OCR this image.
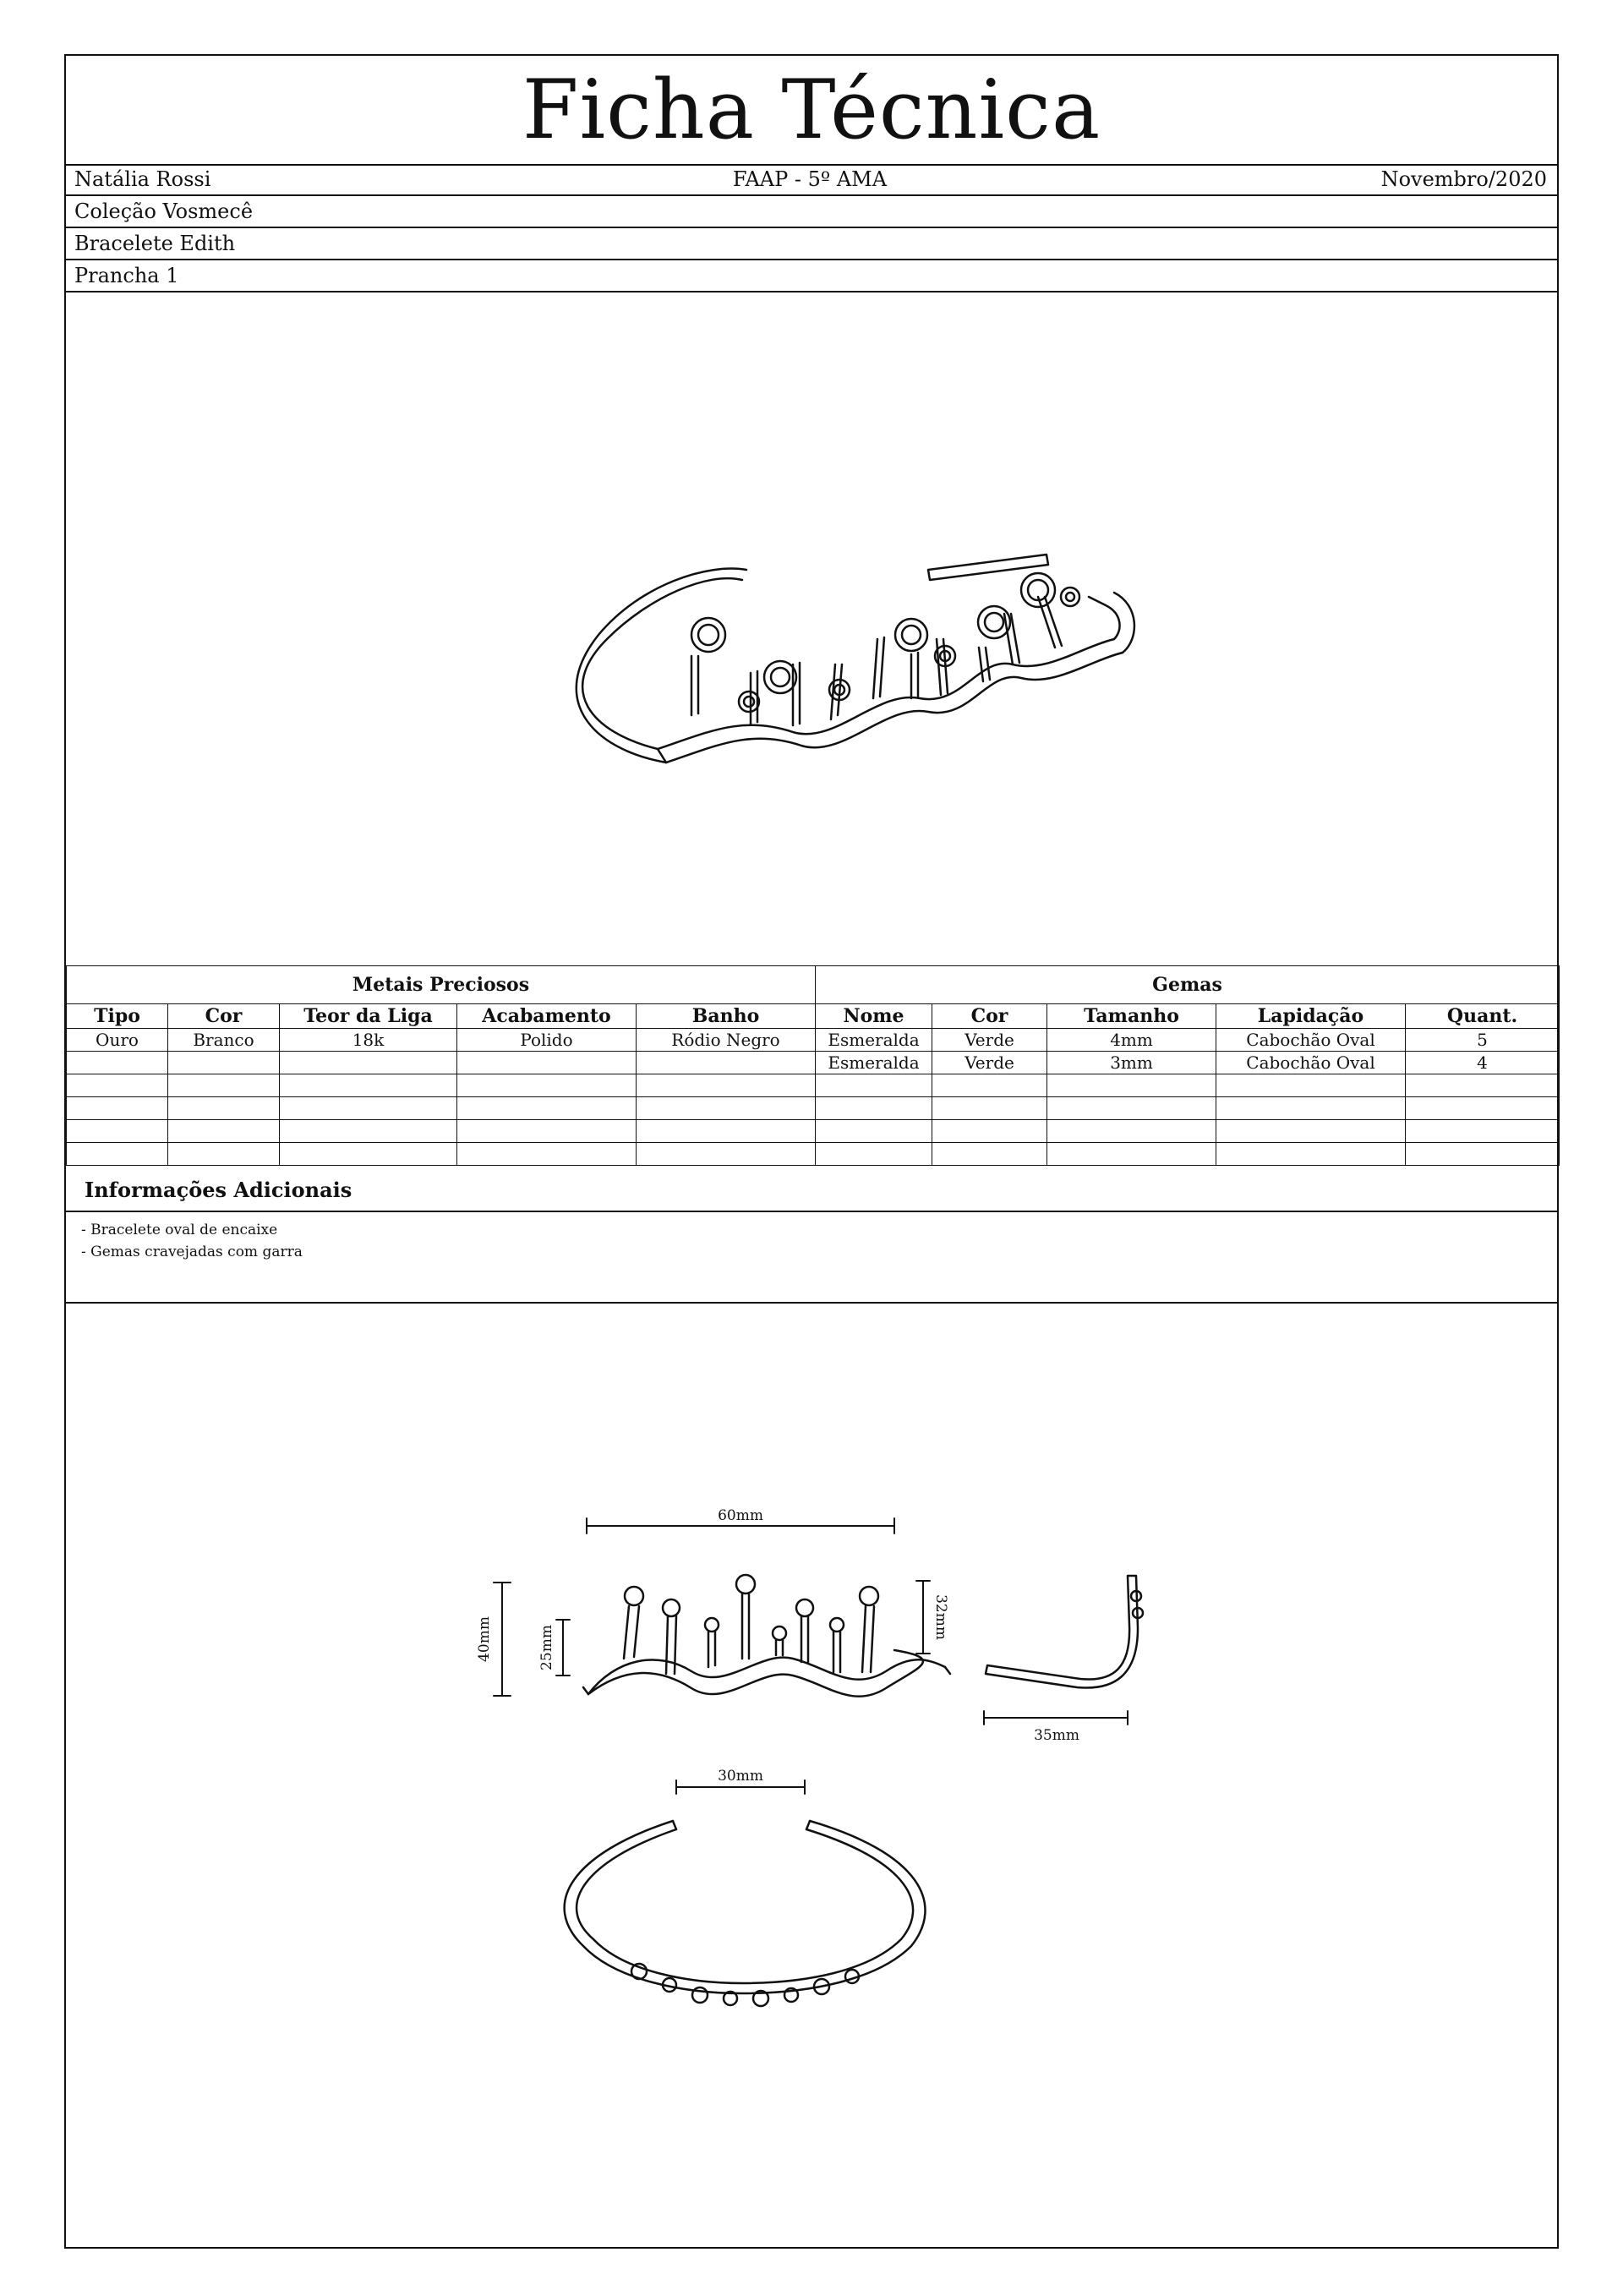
Ficha Técnica
Natália Rossi	FAAP - 5º AMA	Novembro/2020
Coleção Vosmecê
Bracelete Edith
Prancha 1
Metais Preciosos					Gemas				
Tipo	Cor	Teor da Liga	Acabamento	Banho	Nome	Cor	Tamanho	Lapidação	Quant.
Ouro	Branco	18k	Polido	Ródio Negro	Esmeralda	Verde	4mm	Cabochão Oval	5
					Esmeralda	Verde	3mm	Cabochão Oval	4

Informações Adicionais
- Bracelete oval de encaixe
- Gemas cravejadas com garra
60mm
40mm	25mm
32mm
35mm
30mm
